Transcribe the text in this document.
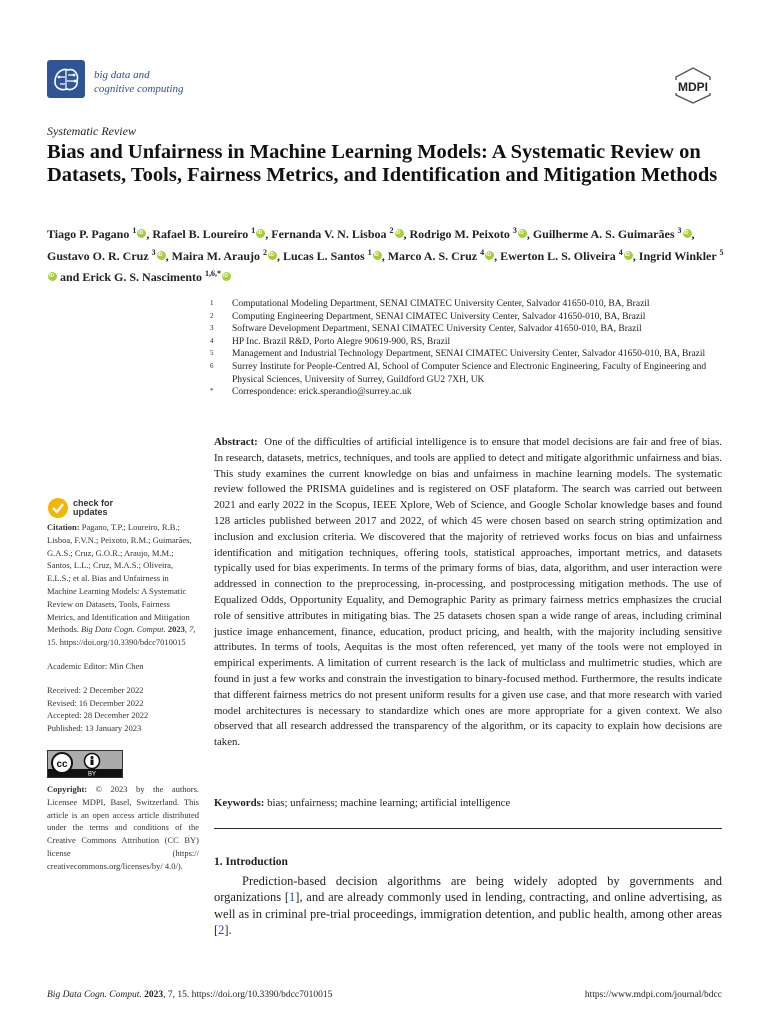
big data and
cognitive computing	MDPI
Systematic Review
Bias and Unfairness in Machine Learning Models: A Systematic Review on Datasets, Tools, Fairness Metrics, and Identification and Mitigation Methods
Tiago P. Pagano $^1$ iD , Rafael B. Loureiro $^1$ iD , Fernanda V. N. Lisboa $^2$ iD , Rodrigo M. Peixoto $^3$ iD , Guilherme A. S. Guimarães $^3$ iD , Gustavo O. R. Cruz $^3$ iD , Maira M. Araujo $^2$ iD , Lucas L. Santos $^1$ iD , Marco A. S. Cruz $^4$ iD , Ewerton L. S. Oliveira $^4$ iD , Ingrid Winkler $^5$iD and Erick G. S. Nascimento $^{1,6,*}$iD
1	Computational Modeling Department, SENAI CIMATEC University Center, Salvador 41650-010, BA, Brazil
2	Computing Engineering Department, SENAI CIMATEC University Center, Salvador 41650-010, BA, Brazil
3	Software Development Department, SENAI CIMATEC University Center, Salvador 41650-010, BA, Brazil
4	HP Inc. Brazil R&D, Porto Alegre 90619-900, RS, Brazil
5	Management and Industrial Technology Department, SENAI CIMATEC University Center, Salvador 41650-010, BA, Brazil
6	Surrey Institute for People-Centred AI, School of Computer Science and Electronic Engineering, Faculty of Engineering and Physical Sciences, University of Surrey, Guildford GU2 7XH, UK
*	Correspondence: erick.sperandio@surrey.ac.uk
check for
updates

Citation: Pagano, T.P.; Loureiro, R.B.; Lisboa, F.V.N.; Peixoto, R.M.; Guimarães, G.A.S.; Cruz, G.O.R.; Araujo, M.M.; Santos, L.L.; Cruz, M.A.S.; Oliveira, E.L.S.; et al. Bias and Unfairness in Machine Learning Models: A Systematic Review on Datasets, Tools, Fairness Metrics, and Identification and Mitigation Methods. Big Data Cogn. Comput. 2023, 7, 15. https://doi.org/10.3390/bdcc7010015

Academic Editor: Min Chen

Received: 2 December 2022

Revised: 16 December 2022

Accepted: 28 December 2022

Published: 13 January 2023

cc
BY

Copyright: © 2023 by the authors. Licensee MDPI, Basel, Switzerland. This article is an open access article distributed under the terms and conditions of the Creative Commons Attribution (CC BY) license (https:// creativecommons.org/licenses/by/ 4.0/).

Abstract: One of the difficulties of artificial intelligence is to ensure that model decisions are fair and free of bias. In research, datasets, metrics, techniques, and tools are applied to detect and mitigate algorithmic unfairness and bias. This study examines the current knowledge on bias and unfairness in machine learning models. The systematic review followed the PRISMA guidelines and is registered on OSF plataform. The search was carried out between 2021 and early 2022 in the Scopus, IEEE Xplore, Web of Science, and Google Scholar knowledge bases and found 128 articles published between 2017 and 2022, of which 45 were chosen based on search string optimization and inclusion and exclusion criteria. We discovered that the majority of retrieved works focus on bias and unfairness identification and mitigation techniques, offering tools, statistical approaches, important metrics, and datasets typically used for bias experiments. In terms of the primary forms of bias, data, algorithm, and user interaction were addressed in connection to the preprocessing, in-processing, and postprocessing mitigation methods. The use of Equalized Odds, Opportunity Equality, and Demographic Parity as primary fairness metrics emphasizes the crucial role of sensitive attributes in mitigating bias. The 25 datasets chosen span a wide range of areas, including criminal justice image enhancement, finance, education, product pricing, and health, with the majority including sensitive attributes. In terms of tools, Aequitas is the most often referenced, yet many of the tools were not employed in empirical experiments. A limitation of current research is the lack of multiclass and multimetric studies, which are found in just a few works and constrain the investigation to binary-focused method. Furthermore, the results indicate that different fairness metrics do not present uniform results for a given use case, and that more research with varied model architectures is necessary to standardize which ones are more appropriate for a given context. We also observed that all research addressed the transparency of the algorithm, or its capacity to explain how decisions are taken.
Keywords: bias; unfairness; machine learning; artificial intelligence
1. Introduction
Prediction-based decision algorithms are being widely adopted by governments and organizations [1], and are already commonly used in lending, contracting, and online advertising, as well as in criminal pre-trial proceedings, immigration detention, and public health, among other areas [2].
Big Data Cogn. Comput. 2023, 7, 15. https://doi.org/10.3390/bdcc7010015	https://www.mdpi.com/journal/bdcc
